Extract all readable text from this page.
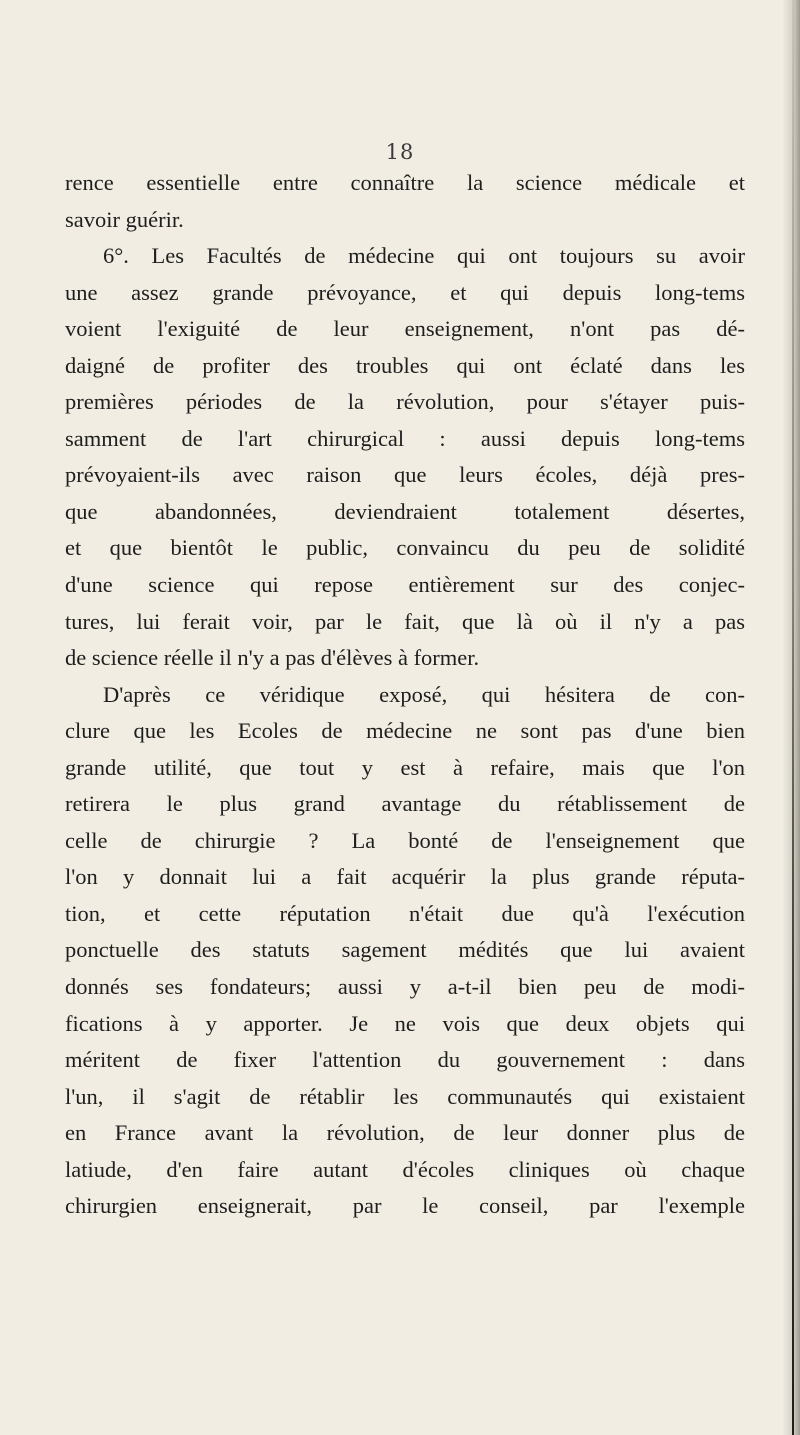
18
rence essentielle entre connaître la science médicale et
savoir guérir.
6°. Les Facultés de médecine qui ont toujours su avoir
une assez grande prévoyance, et qui depuis long-tems
voient l'exiguité de leur enseignement, n'ont pas dé-
daigné de profiter des troubles qui ont éclaté dans les
premières périodes de la révolution, pour s'étayer puis-
samment de l'art chirurgical : aussi depuis long-tems
prévoyaient-ils avec raison que leurs écoles, déjà pres-
que abandonnées, deviendraient totalement désertes,
et que bientôt le public, convaincu du peu de solidité
d'une science qui repose entièrement sur des conjec-
tures, lui ferait voir, par le fait, que là où il n'y a pas
de science réelle il n'y a pas d'élèves à former.
D'après ce véridique exposé, qui hésitera de con-
clure que les Ecoles de médecine ne sont pas d'une bien
grande utilité, que tout y est à refaire, mais que l'on
retirera le plus grand avantage du rétablissement de
celle de chirurgie ? La bonté de l'enseignement que
l'on y donnait lui a fait acquérir la plus grande réputa-
tion, et cette réputation n'était due qu'à l'exécution
ponctuelle des statuts sagement médités que lui avaient
donnés ses fondateurs; aussi y a-t-il bien peu de modi-
fications à y apporter. Je ne vois que deux objets qui
méritent de fixer l'attention du gouvernement : dans
l'un, il s'agit de rétablir les communautés qui existaient
en France avant la révolution, de leur donner plus de
latiude, d'en faire autant d'écoles cliniques où chaque
chirurgien enseignerait, par le conseil, par l'exemple
